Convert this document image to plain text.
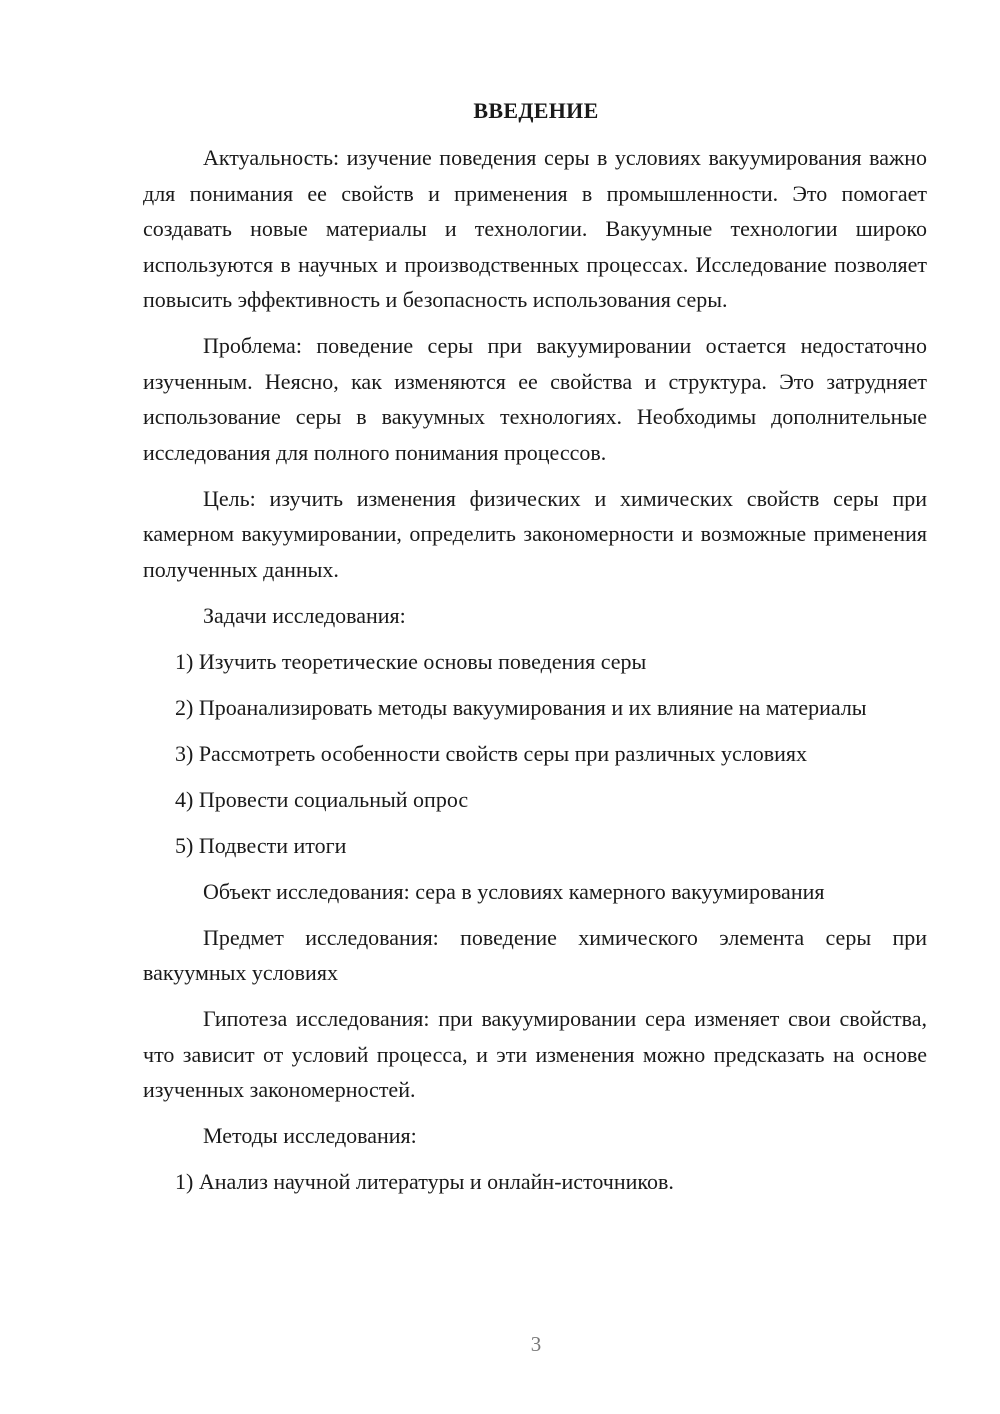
ВВЕДЕНИЕ

Актуальность: изучение поведения серы в условиях вакуумирования важно для понимания ее свойств и применения в промышленности. Это помогает создавать новые материалы и технологии. Вакуумные технологии широко используются в научных и производственных процессах. Исследование позволяет повысить эффективность и безопасность использования серы.

Проблема: поведение серы при вакуумировании остается недостаточно изученным. Неясно, как изменяются ее свойства и структура. Это затрудняет использование серы в вакуумных технологиях. Необходимы дополнительные исследования для полного понимания процессов.

Цель: изучить изменения физических и химических свойств серы при камерном вакуумировании, определить закономерности и возможные применения полученных данных.

Задачи исследования:

1) Изучить теоретические основы поведения серы

2) Проанализировать методы вакуумирования и их влияние на материалы

3) Рассмотреть особенности свойств серы при различных условиях

4) Провести социальный опрос

5) Подвести итоги

Объект исследования: сера в условиях камерного вакуумирования

Предмет исследования: поведение химического элемента серы при вакуумных условиях

Гипотеза исследования: при вакуумировании сера изменяет свои свойства, что зависит от условий процесса, и эти изменения можно предсказать на основе изученных закономерностей.

Методы исследования:

1) Анализ научной литературы и онлайн-источников.

3
